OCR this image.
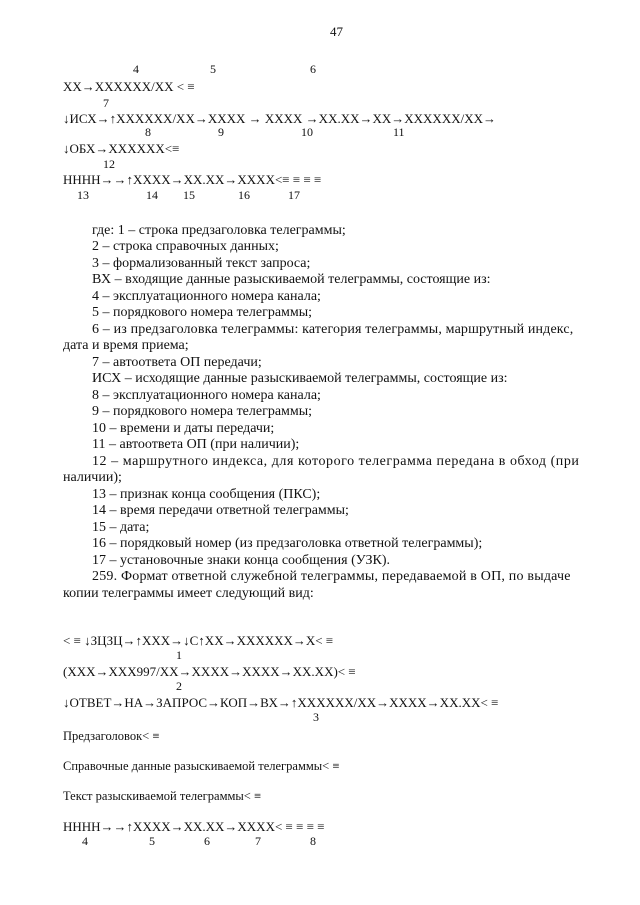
47
4	5	6
ХХ→ХХХХХХ/ХХ < ≡
7
↓ИСХ→↑ХХХХХХ/ХХ→ХХХХ → ХХХХ →ХХ.ХХ→ХХ→ХХХХХХ/ХХ→
8	9	10	11
↓ОБХ→ХХХХХХ<≡
12
НННН→→↑ХХХХ→ХХ.ХХ→ХХХХ<≡ ≡ ≡ ≡
13	14 15	16	17
где: 1 – строка предзаголовка телеграммы;
2 – строка справочных данных;
3 – формализованный текст запроса;
ВХ – входящие данные разыскиваемой телеграммы, состоящие из:
4 – эксплуатационного номера канала;
5 – порядкового номера телеграммы;
6 – из предзаголовка телеграммы: категория телеграммы, маршрутный индекс,
дата и время приема;
7 – автоответа ОП передачи;
ИСХ – исходящие данные разыскиваемой телеграммы, состоящие из:
8 – эксплуатационного номера канала;
9 – порядкового номера телеграммы;
10 – времени и даты передачи;
11 – автоответа ОП (при наличии);
12 – маршрутного индекса, для которого телеграмма передана в обход (при
наличии);
13 – признак конца сообщения (ПКС);
14 – время передачи ответной телеграммы;
15 – дата;
16 – порядковый номер (из предзаголовка ответной телеграммы);
17 – установочные знаки конца сообщения (УЗК).
259. Формат ответной служебной телеграммы, передаваемой в ОП, по выдаче
копии телеграммы имеет следующий вид:
< ≡ ↓ЗЦЗЦ→↑ХХХ→↓С↑ХХ→ХХХХХХ→Х< ≡
1
(ХХХ→ХХХ997/ХХ→ХХХХ→ХХХХ→ХХ.ХХ)< ≡
2
↓ОТВЕТ→НА→ЗАПРОС→КОП→ВХ→↑ХХХХХХ/ХХ→ХХХХ→ХХ.ХХ< ≡
3
Предзаголовок< ≡
Справочные данные разыскиваемой телеграммы< ≡
Текст разыскиваемой телеграммы< ≡
НННН→→↑ХХХХ→ХХ.ХХ→ХХХХ< ≡ ≡ ≡ ≡
4	5	6	7	8
